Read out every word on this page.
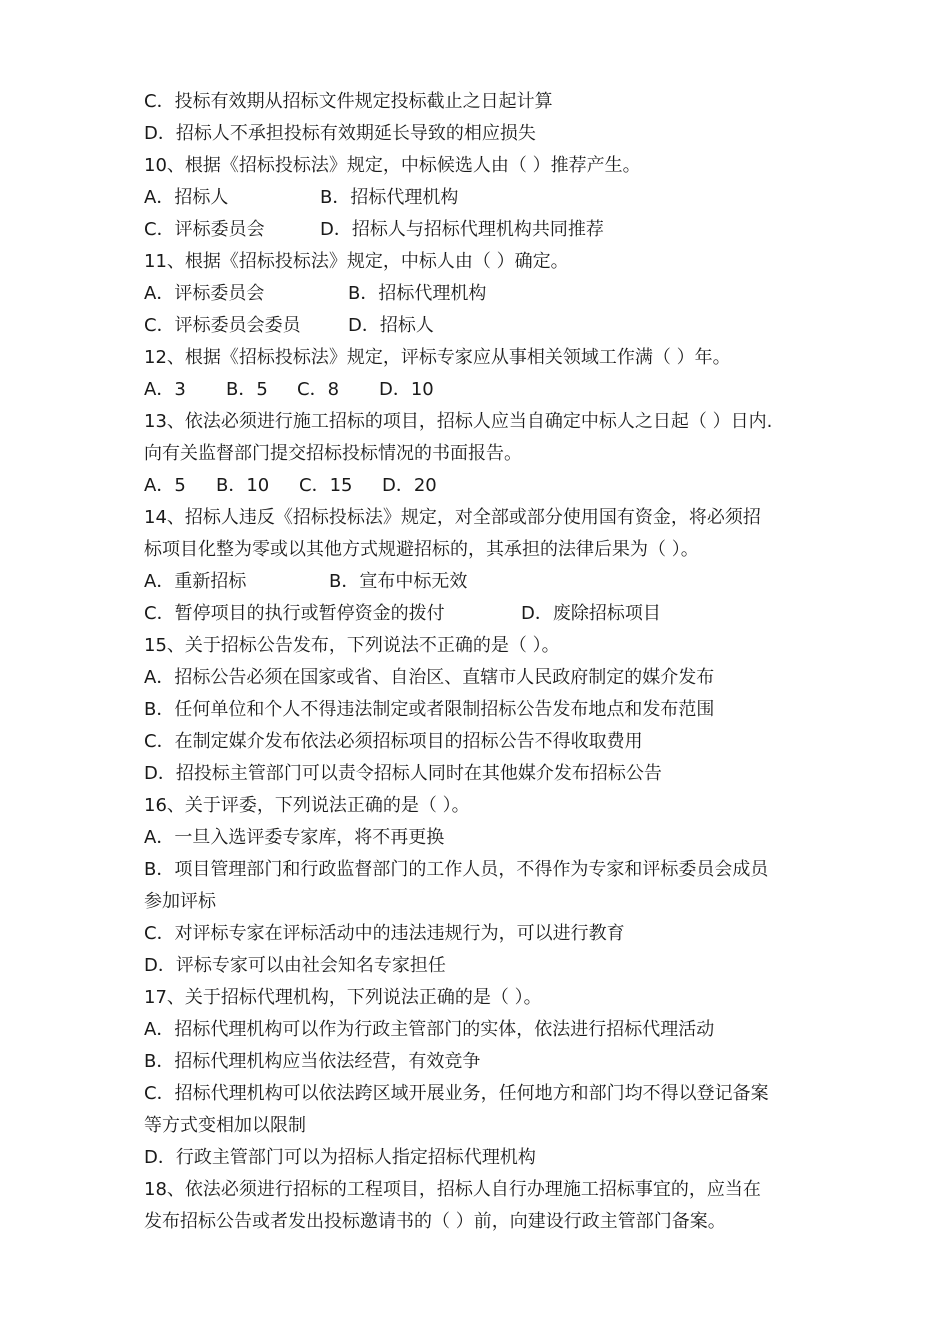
C．投标有效期从招标文件规定投标截止之日起计算
D．招标人不承担投标有效期延长导致的相应损失
10、根据《招标投标法》规定，中标候选人由（ ）推荐产生。
A．招标人	B．招标代理机构
C．评标委员会	D．招标人与招标代理机构共同推荐
11、根据《招标投标法》规定，中标人由（ ）确定。
A．评标委员会	B．招标代理机构
C．评标委员会委员	D．招标人
12、根据《招标投标法》规定，评标专家应从事相关领域工作满（ ）年。
A．3 B．5 C．8 D．10
13、依法必须进行施工招标的项目，招标人应当自确定中标人之日起（ ）日内.
向有关监督部门提交招标投标情况的书面报告。
A．5 B．10 C．15 D．20
14、招标人违反《招标投标法》规定，对全部或部分使用国有资金，将必须招
标项目化整为零或以其他方式规避招标的，其承担的法律后果为（ ）。
A．重新招标	B．宣布中标无效
C．暂停项目的执行或暂停资金的拨付	D．废除招标项目
15、关于招标公告发布，下列说法不正确的是（ ）。
A．招标公告必须在国家或省、自治区、直辖市人民政府制定的媒介发布
B．任何单位和个人不得违法制定或者限制招标公告发布地点和发布范围
C．在制定媒介发布依法必须招标项目的招标公告不得收取费用
D．招投标主管部门可以责令招标人同时在其他媒介发布招标公告
16、关于评委，下列说法正确的是（ ）。
A．一旦入选评委专家库，将不再更换
B．项目管理部门和行政监督部门的工作人员，不得作为专家和评标委员会成员
参加评标
C．对评标专家在评标活动中的违法违规行为，可以进行教育
D．评标专家可以由社会知名专家担任
17、关于招标代理机构，下列说法正确的是（ ）。
A．招标代理机构可以作为行政主管部门的实体，依法进行招标代理活动
B．招标代理机构应当依法经营，有效竞争
C．招标代理机构可以依法跨区域开展业务，任何地方和部门均不得以登记备案
等方式变相加以限制
D．行政主管部门可以为招标人指定招标代理机构
18、依法必须进行招标的工程项目，招标人自行办理施工招标事宜的，应当在
发布招标公告或者发出投标邀请书的（ ）前，向建设行政主管部门备案。
